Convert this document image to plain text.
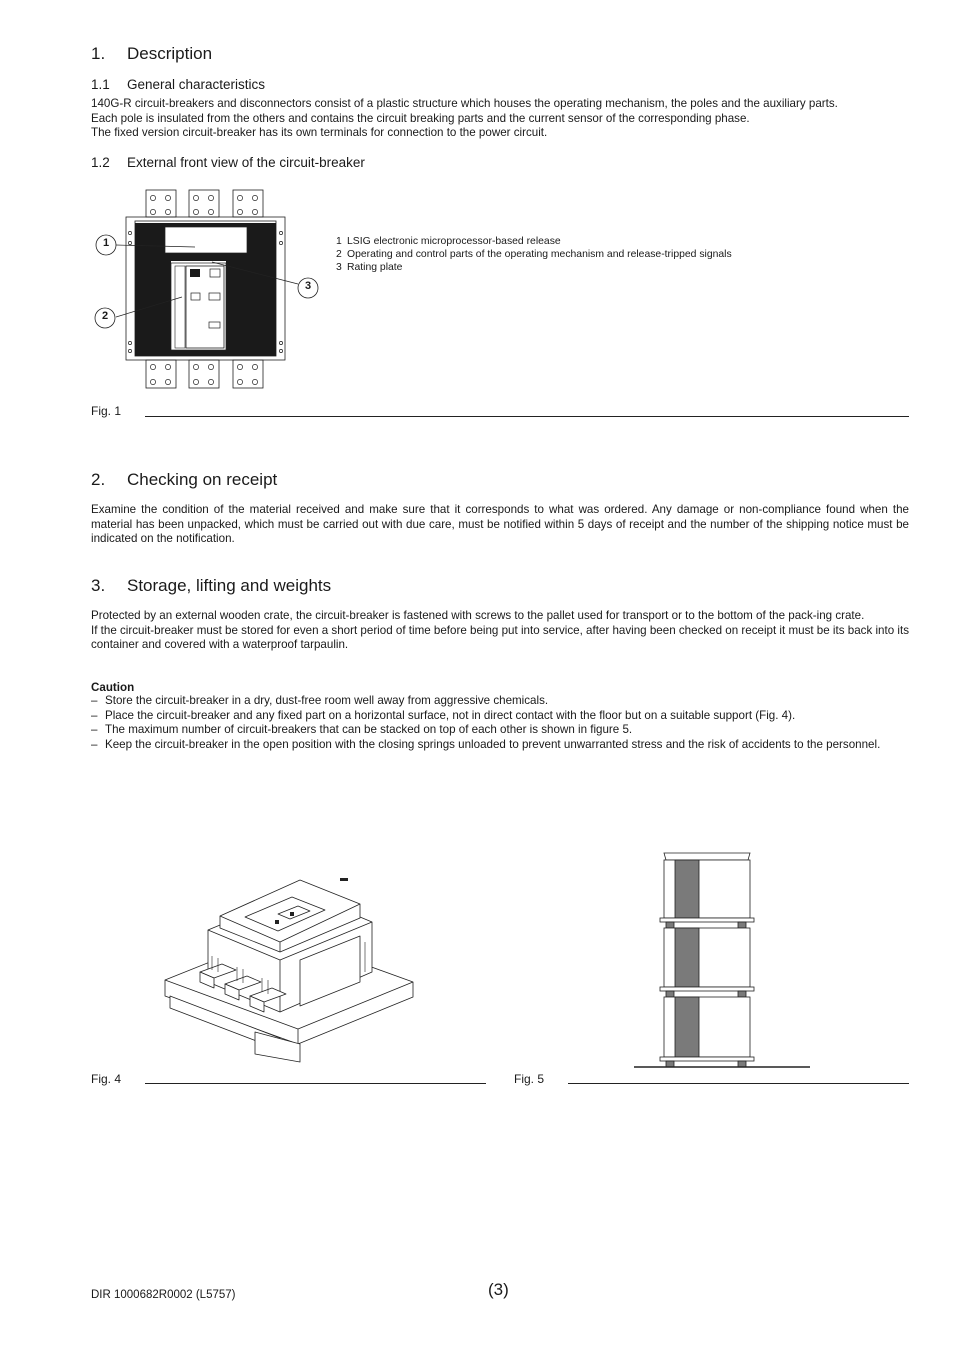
1. Description
1.1 General characteristics

140G-R circuit-breakers and disconnectors consist of a plastic structure which houses the operating mechanism, the poles and the auxiliary parts.

Each pole is insulated from the others and contains the circuit breaking parts and the current sensor of the corresponding phase.

The fixed version circuit-breaker has its own terminals for connection to the power circuit.

1.2 External front view of the circuit-breaker
1
2
3
1 LSIG electronic microprocessor-based release
2 Operating and control parts of the operating mechanism and release-tripped signals
3 Rating plate
Fig. 1
2. Checking on receipt
Examine the condition of the material received and make sure that it corresponds to what was ordered. Any damage or non-compliance found when the material has been unpacked, which must be carried out with due care, must be notified within 5 days of receipt and the number of the shipping notice must be indicated on the notification.
3. Storage, lifting and weights

Protected by an external wooden crate, the circuit-breaker is fastened with screws to the pallet used for transport or to the bottom of the pack-ing crate.

If the circuit-breaker must be stored for even a short period of time before being put into service, after having been checked on receipt it must be its back into its container and covered with a waterproof tarpaulin.

Caution

– Store the circuit-breaker in a dry, dust-free room well away from aggressive chemicals.
– Place the circuit-breaker and any fixed part on a horizontal surface, not in direct contact with the floor but on a suitable support (Fig. 4).
– The maximum number of circuit-breakers that can be stacked on top of each other is shown in figure 5.
– Keep the circuit-breaker in the open position with the closing springs unloaded to prevent unwarranted stress and the risk of accidents to the personnel.
Fig. 4	Fig. 5
(3)
DIR 1000682R0002 (L5757)
